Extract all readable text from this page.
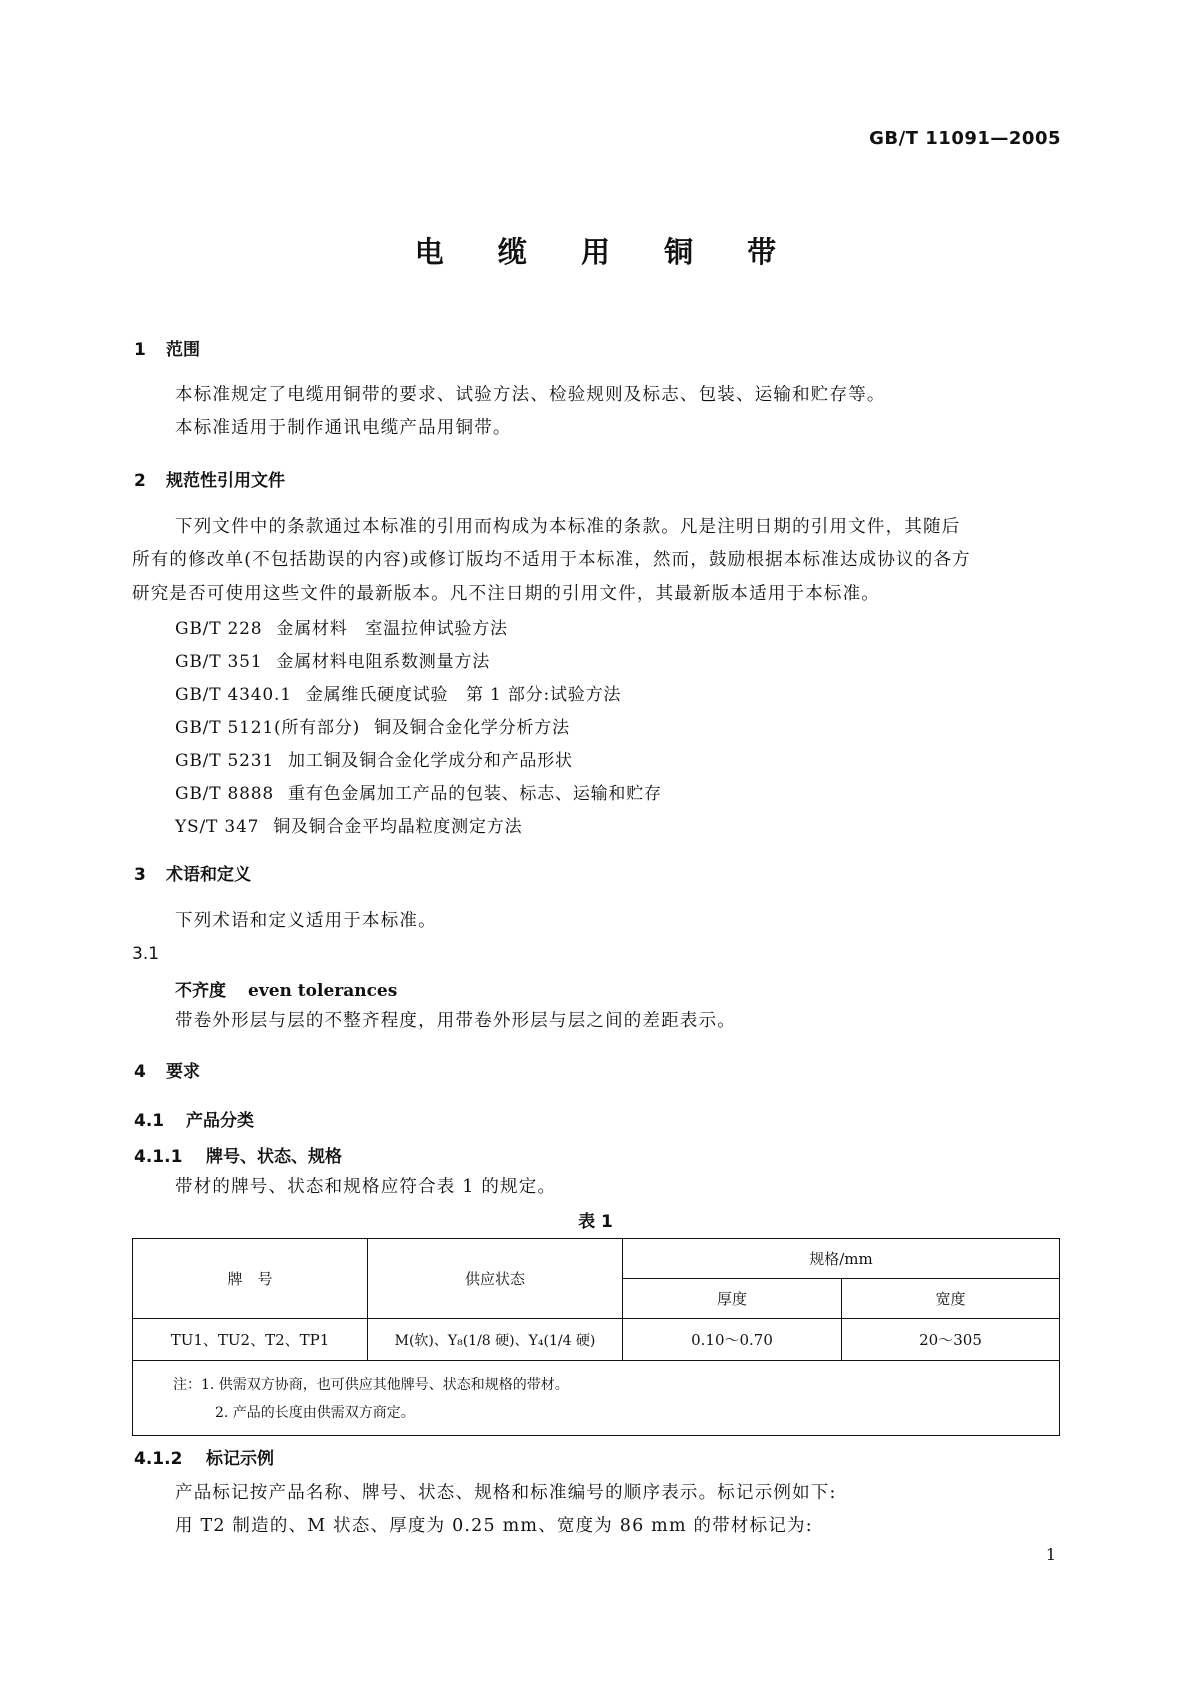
GB/T 11091—2005
电 缆 用 铜 带
1 范围
本标准规定了电缆用铜带的要求、试验方法、检验规则及标志、包装、运输和贮存等。
本标准适用于制作通讯电缆产品用铜带。
2 规范性引用文件
下列文件中的条款通过本标准的引用而构成为本标准的条款。凡是注明日期的引用文件，其随后
所有的修改单(不包括勘误的内容)或修订版均不适用于本标准，然而，鼓励根据本标准达成协议的各方
研究是否可使用这些文件的最新版本。凡不注日期的引用文件，其最新版本适用于本标准。
GB/T 228 金属材料　室温拉伸试验方法
GB/T 351 金属材料电阻系数测量方法
GB/T 4340.1 金属维氏硬度试验　第 1 部分:试验方法
GB/T 5121(所有部分) 铜及铜合金化学分析方法
GB/T 5231 加工铜及铜合金化学成分和产品形状
GB/T 8888 重有色金属加工产品的包装、标志、运输和贮存
YS/T 347 铜及铜合金平均晶粒度测定方法
3 术语和定义
下列术语和定义适用于本标准。
3.1
不齐度 even tolerances
带卷外形层与层的不整齐程度，用带卷外形层与层之间的差距表示。
4 要求
4.1 产品分类
4.1.1 牌号、状态、规格
带材的牌号、状态和规格应符合表 1 的规定。
表 1
牌　号	供应状态	规格/mm	
		厚度	宽度
TU1、TU2、T2、TP1	M(软)、Y₈(1/8 硬)、Y₄(1/4 硬)	0.10～0.70	20～305

注：1. 供需双方协商，也可供应其他牌号、状态和规格的带材。
2. 产品的长度由供需双方商定。			
4.1.2 标记示例
产品标记按产品名称、牌号、状态、规格和标准编号的顺序表示。标记示例如下:
用 T2 制造的、M 状态、厚度为 0.25 mm、宽度为 86 mm 的带材标记为:
1
